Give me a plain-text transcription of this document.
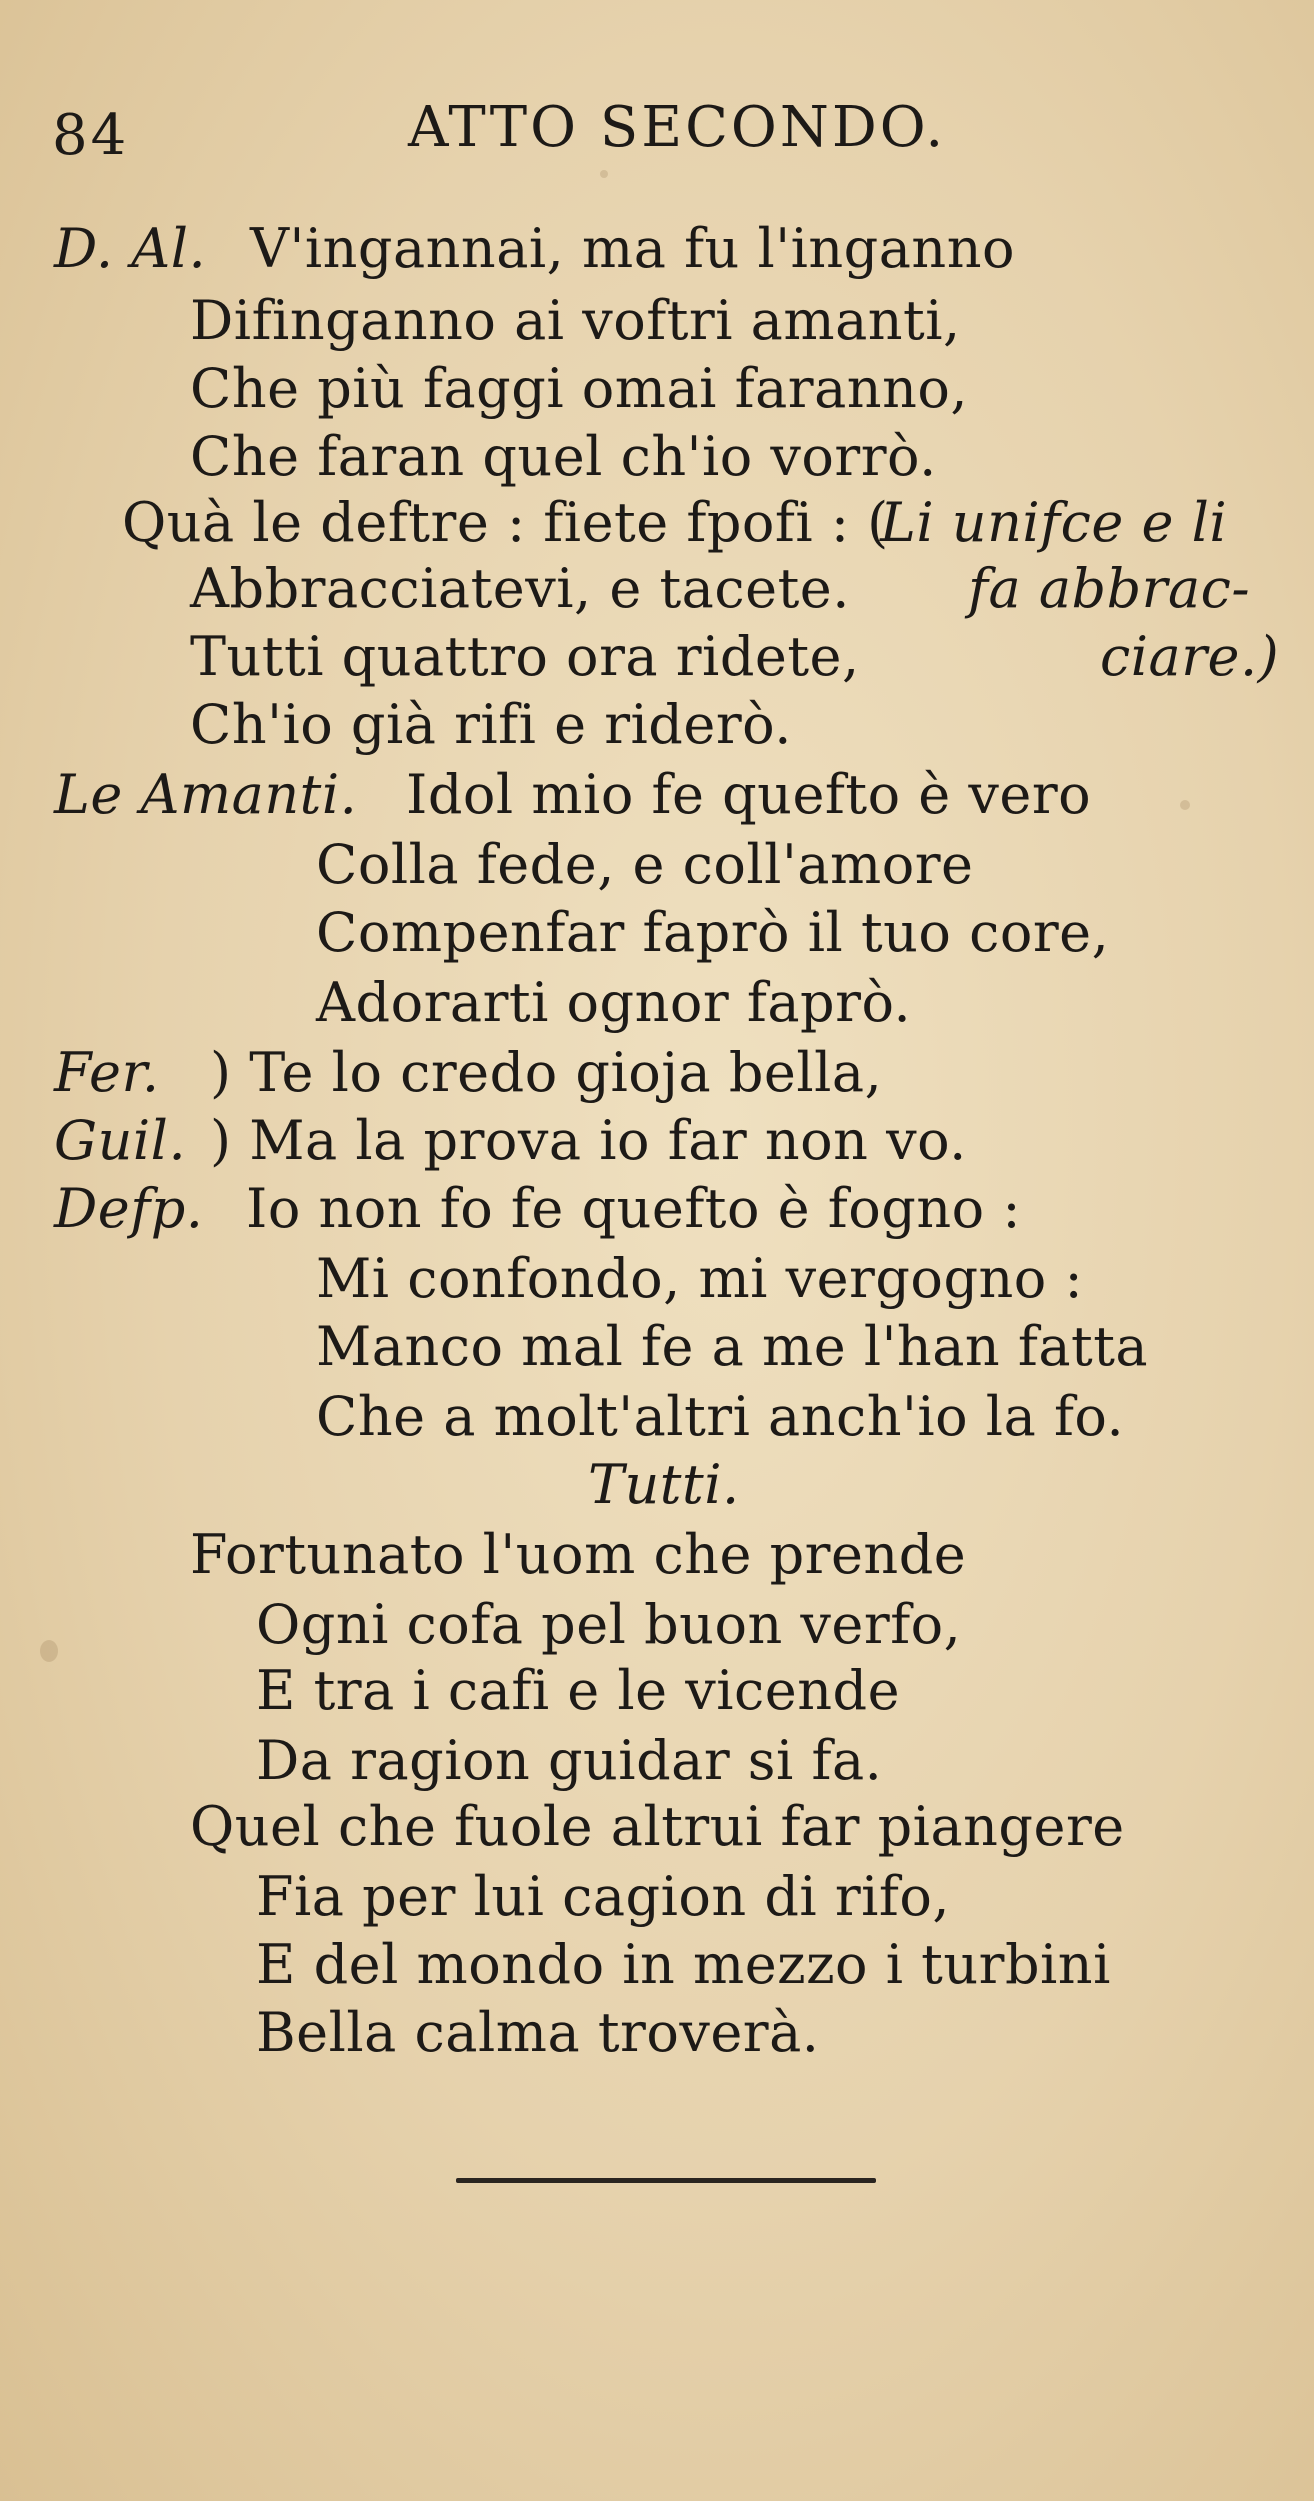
84	ATTO SECONDO.
D. Al. V'ingannai, ma fu l'inganno
Difinganno ai voftri amanti,
Che più faggi omai faranno,
Che faran quel ch'io vorrò.
Quà le deftre : fiete fpofi : (
Li unifce e li
Abbracciatevi, e tacete. fa abbrac-
Tutti quattro ora ridete,	ciare.)
Ch'io già rifi e riderò.
Le Amanti. Idol mio fe quefto è vero
Colla fede, e coll'amore
Compenfar faprò il tuo core,
Adorarti ognor faprò.
Fer. ) Te lo credo gioja bella,
Guil. ) Ma la prova io far non vo.
Defp. Io non fo fe quefto è fogno :
Mi confondo, mi vergogno :
Manco mal fe a me l'han fatta
Che a molt'altri anch'io la fo.
Tutti.
Fortunato l'uom che prende
Ogni cofa pel buon verfo,
E tra i cafi e le vicende
Da ragion guidar si fa.
Quel che fuole altrui far piangere
Fia per lui cagion di rifo,
E del mondo in mezzo i turbini
Bella calma troverà.
